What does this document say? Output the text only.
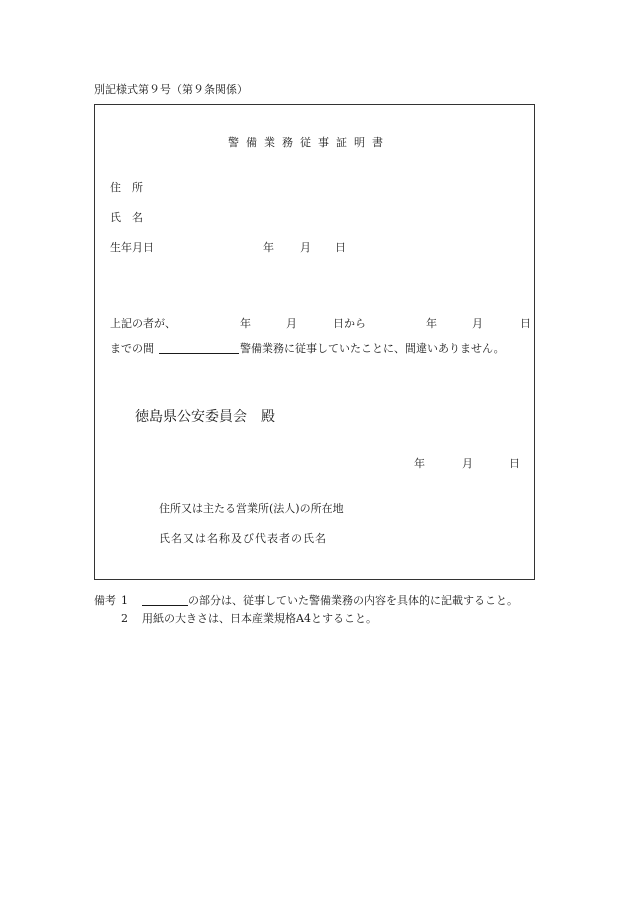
別記様式第９号（第９条関係）
警備業務従事証明書
住　所
氏　名
生年月日	年 月 日
上記の者が、	年	月	日から	年	月	日
までの間	警備業務に従事していたことに、間違いありません。
徳島県公安委員会　殿
年	月	日
住所又は主たる営業所(法人)の所在地
氏名又は名称及び代表者の氏名
備考 1	の部分は、従事していた警備業務の内容を具体的に記載すること。
2 用紙の大きさは、日本産業規格A4とすること。
